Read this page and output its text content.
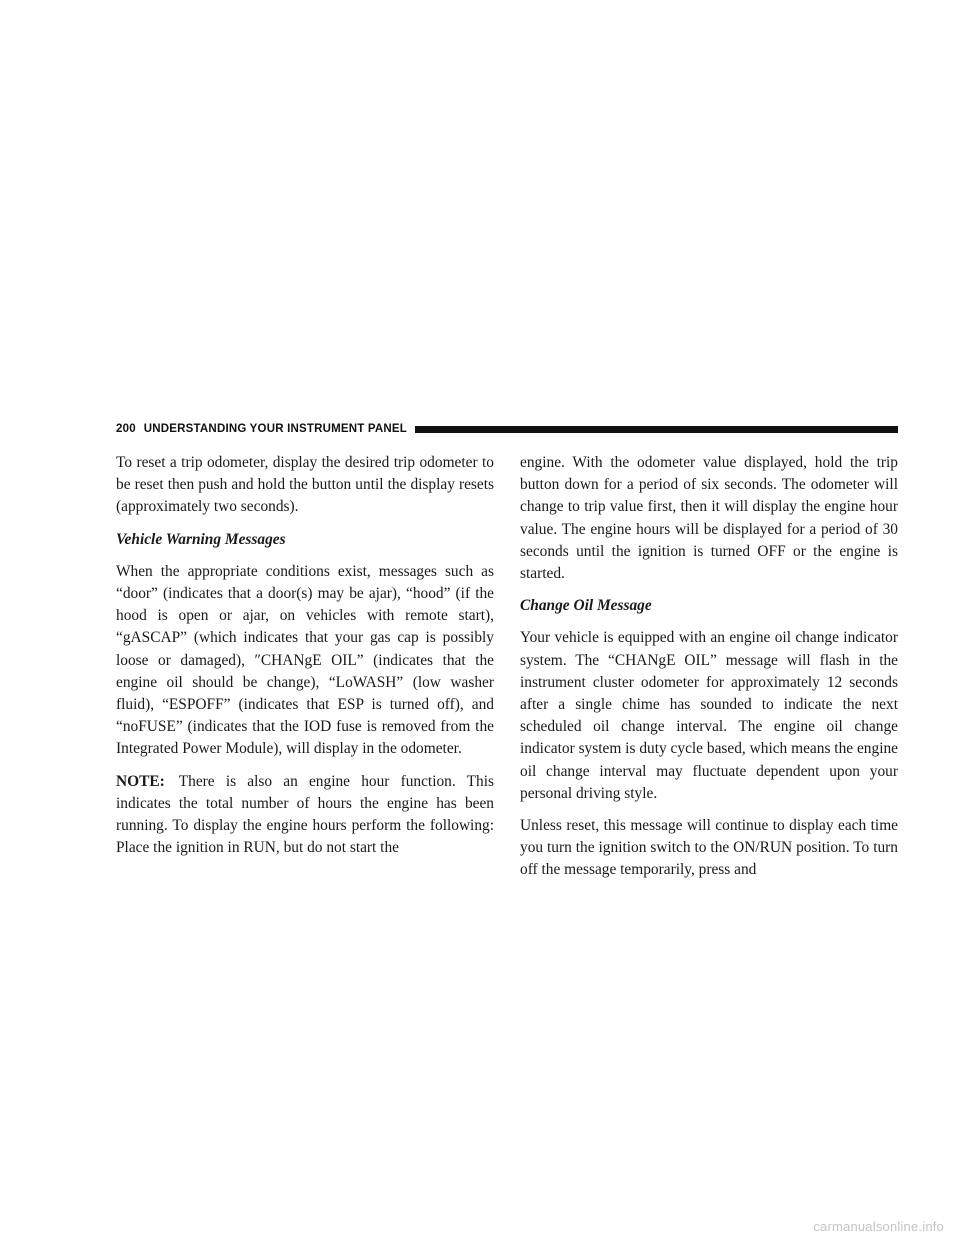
200 UNDERSTANDING YOUR INSTRUMENT PANEL

To reset a trip odometer, display the desired trip odometer to be reset then push and hold the button until the display resets (approximately two seconds).

Vehicle Warning Messages

When the appropriate conditions exist, messages such as “door” (indicates that a door(s) may be ajar), “hood” (if the hood is open or ajar, on vehicles with remote start), “gASCAP” (which indicates that your gas cap is possibly loose or damaged), ″CHANgE OIL” (indicates that the engine oil should be change), “LoWASH” (low washer fluid), “ESPOFF” (indicates that ESP is turned off), and “noFUSE” (indicates that the IOD fuse is removed from the Integrated Power Module), will display in the odometer.

NOTE: There is also an engine hour function. This indicates the total number of hours the engine has been running. To display the engine hours perform the following: Place the ignition in RUN, but do not start the

engine. With the odometer value displayed, hold the trip button down for a period of six seconds. The odometer will change to trip value first, then it will display the engine hour value. The engine hours will be displayed for a period of 30 seconds until the ignition is turned OFF or the engine is started.

Change Oil Message

Your vehicle is equipped with an engine oil change indicator system. The “CHANgE OIL” message will flash in the instrument cluster odometer for approximately 12 seconds after a single chime has sounded to indicate the next scheduled oil change interval. The engine oil change indicator system is duty cycle based, which means the engine oil change interval may fluctuate dependent upon your personal driving style.

Unless reset, this message will continue to display each time you turn the ignition switch to the ON/RUN position. To turn off the message temporarily, press and

carmanualsonline.info
